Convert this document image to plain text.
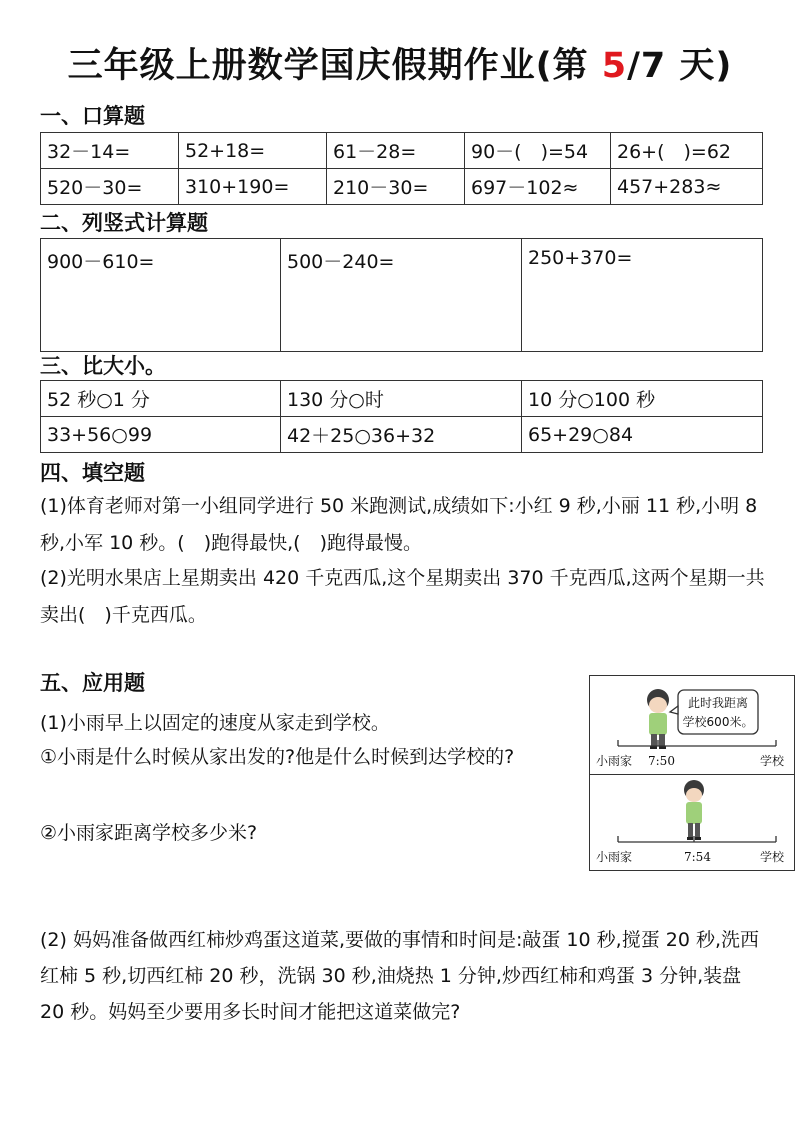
三年级上册数学国庆假期作业(第 5/7 天)
一、口算题
32－14=	52+18=	61－28=	90－(　)=54	26+(　)=62
520－30=	310+190=	210－30=	697－102≈	457+283≈
二、列竖式计算题
900－610=	500－240=	250+370=
三、比大小。
52 秒○1 分	130 分○时	10 分○100 秒
33+56○99	42＋25○36+32	65+29○84
四、填空题
(1)体育老师对第一小组同学进行 50 米跑测试,成绩如下:小红 9 秒,小丽 11 秒,小明 8 秒,小军 10 秒。(　)跑得最快,(　)跑得最慢。
(2)光明水果店上星期卖出 420 千克西瓜,这个星期卖出 370 千克西瓜,这两个星期一共卖出(　)千克西瓜。
五、应用题
(1)小雨早上以固定的速度从家走到学校。
①小雨是什么时候从家出发的?他是什么时候到达学校的?
②小雨家距离学校多少米?
(2) 妈妈准备做西红柿炒鸡蛋这道菜,要做的事情和时间是:敲蛋 10 秒,搅蛋 20 秒,洗西红柿 5 秒,切西红柿 20 秒，洗锅 30 秒,油烧热 1 分钟,炒西红柿和鸡蛋 3 分钟,装盘 20 秒。妈妈至少要用多长时间才能把这道菜做完?
此时我距离
学校600米。
小雨家 7:50	学校
小雨家	7:54	学校
